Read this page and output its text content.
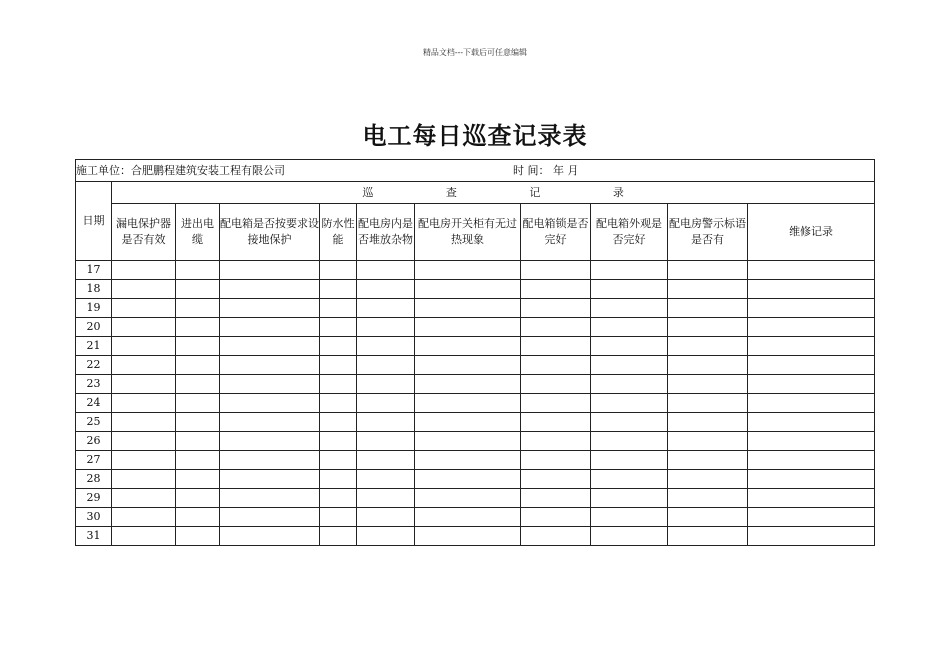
精品文档---下载后可任意编辑
电工每日巡查记录表
施工单位：合肥鹏程建筑安装工程有限公司 时 间： 年 月										

日期	巡 查 记 录									
	漏电保护器是否有效	进出电缆	配电箱是否按要求设接地保护	防水性能	配电房内是否堆放杂物	配电房开关柜有无过热现象	配电箱锁是否完好	配电箱外观是否完好	配电房警示标语是否有	维修记录
17										
18										
19										
20										
21										
22										
23										
24										
25										
26										
27										
28										
29										
30										
31										
